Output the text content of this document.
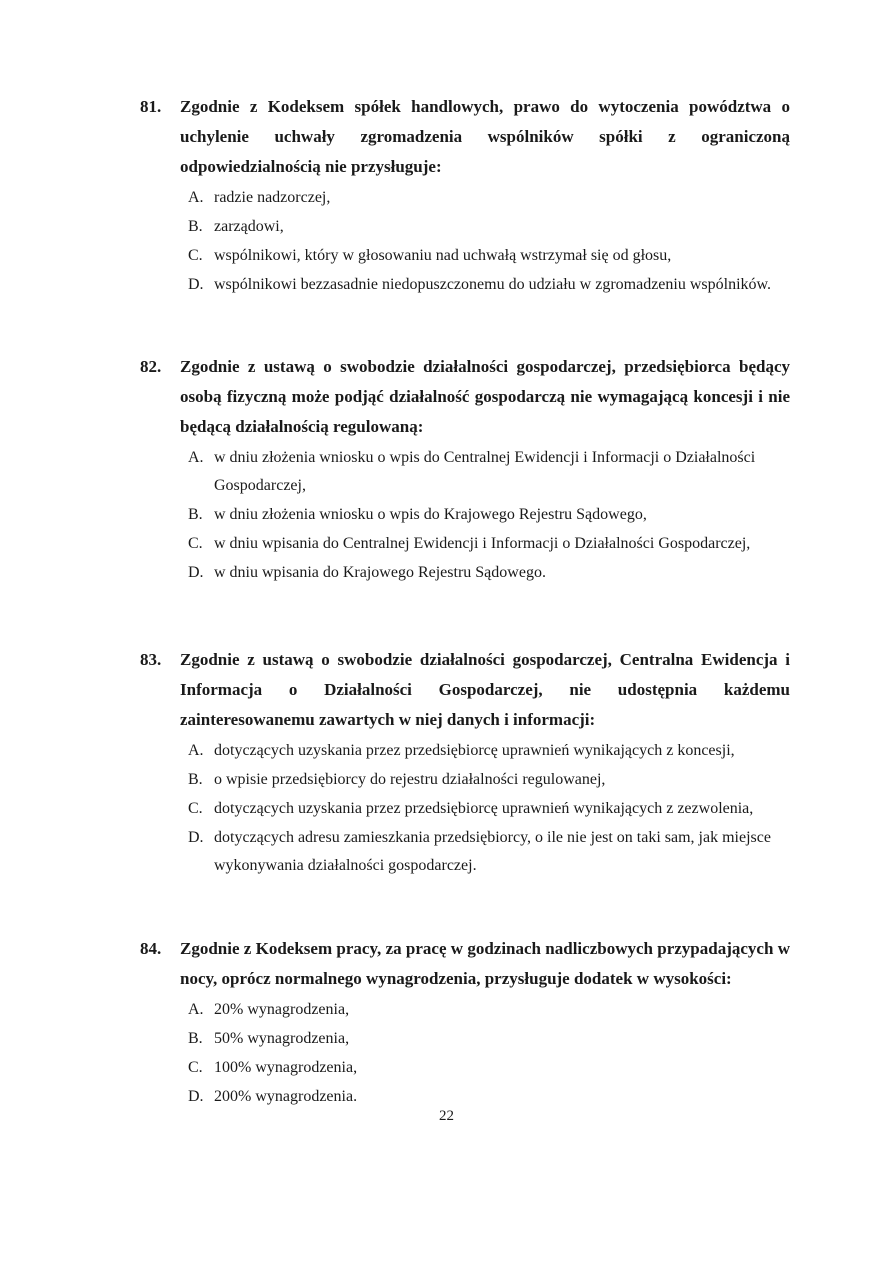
81.	Zgodnie z Kodeksem spółek handlowych, prawo do wytoczenia powództwa o uchylenie uchwały zgromadzenia wspólników spółki z ograniczoną odpowiedzialnością nie przysługuje:
A. radzie nadzorczej,
B. zarządowi,
C. wspólnikowi, który w głosowaniu nad uchwałą wstrzymał się od głosu,
D. wspólnikowi bezzasadnie niedopuszczonemu do udziału w zgromadzeniu wspólników.
82.	Zgodnie z ustawą o swobodzie działalności gospodarczej, przedsiębiorca będący osobą fizyczną może podjąć działalność gospodarczą nie wymagającą koncesji i nie będącą działalnością regulowaną:
A. w dniu złożenia wniosku o wpis do Centralnej Ewidencji i Informacji o Działalności Gospodarczej,
B. w dniu złożenia wniosku o wpis do Krajowego Rejestru Sądowego,
C. w dniu wpisania do Centralnej Ewidencji i Informacji o Działalności Gospodarczej,
D. w dniu wpisania do Krajowego Rejestru Sądowego.
83.	Zgodnie z ustawą o swobodzie działalności gospodarczej, Centralna Ewidencja i Informacja o Działalności Gospodarczej, nie udostępnia każdemu zainteresowanemu zawartych w niej danych i informacji:
A. dotyczących uzyskania przez przedsiębiorcę uprawnień wynikających z koncesji,
B. o wpisie przedsiębiorcy do rejestru działalności regulowanej,
C. dotyczących uzyskania przez przedsiębiorcę uprawnień wynikających z zezwolenia,
D. dotyczących adresu zamieszkania przedsiębiorcy, o ile nie jest on taki sam, jak miejsce wykonywania działalności gospodarczej.
84.	Zgodnie z Kodeksem pracy, za pracę w godzinach nadliczbowych przypadających w nocy, oprócz normalnego wynagrodzenia, przysługuje dodatek w wysokości:
A. 20% wynagrodzenia,
B. 50% wynagrodzenia,
C. 100% wynagrodzenia,
D. 200% wynagrodzenia.
22
